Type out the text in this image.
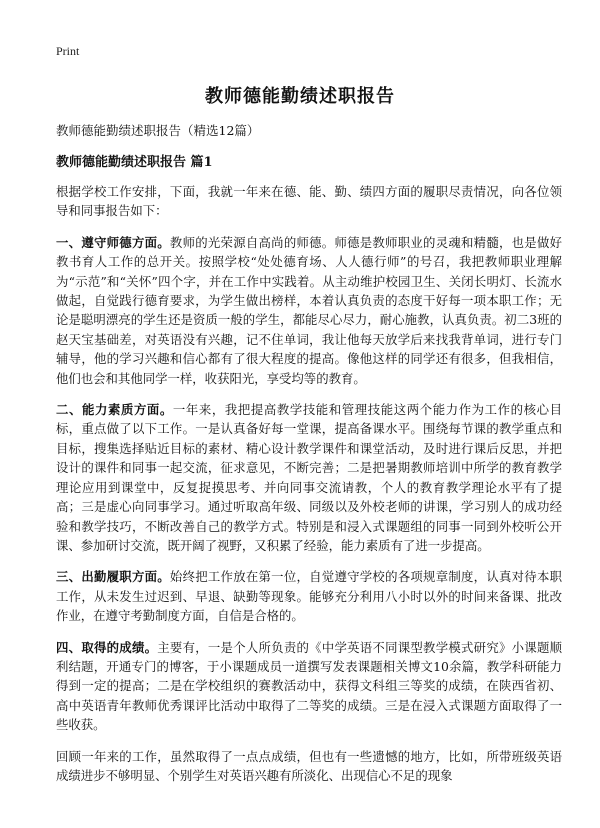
Print
教师德能勤绩述职报告
教师德能勤绩述职报告（精选12篇）
教师德能勤绩述职报告 篇1

根据学校工作安排，下面，我就一年来在德、能、勤、绩四方面的履职尽责情况，向各位领导和同事报告如下：

一、遵守师德方面。教师的光荣源自高尚的师德。师德是教师职业的灵魂和精髓，也是做好教书育人工作的总开关。按照学校“处处德育场、人人德行师”的号召，我把教师职业理解为“示范”和“关怀”四个字，并在工作中实践着。从主动维护校园卫生、关闭长明灯、长流水做起，自觉践行德育要求，为学生做出榜样，本着认真负责的态度干好每一项本职工作；无论是聪明漂亮的学生还是资质一般的学生，都能尽心尽力，耐心施教，认真负责。初二3班的赵天宝基础差，对英语没有兴趣，记不住单词，我让他每天放学后来找我背单词，进行专门辅导，他的学习兴趣和信心都有了很大程度的提高。像他这样的同学还有很多，但我相信，他们也会和其他同学一样，收获阳光，享受均等的教育。

二、能力素质方面。一年来，我把提高教学技能和管理技能这两个能力作为工作的核心目标，重点做了以下工作。一是认真备好每一堂课，提高备课水平。围绕每节课的教学重点和目标，搜集选择贴近目标的素材、精心设计教学课件和课堂活动，及时进行课后反思，并把设计的课件和同事一起交流，征求意见，不断完善；二是把暑期教师培训中所学的教育教学理论应用到课堂中，反复捉摸思考、并向同事交流请教，个人的教育教学理论水平有了提高；三是虚心向同事学习。通过听取高年级、同级以及外校老师的讲课，学习别人的成功经验和教学技巧，不断改善自己的教学方式。特别是和浸入式课题组的同事一同到外校听公开课、参加研讨交流，既开阔了视野，又积累了经验，能力素质有了进一步提高。

三、出勤履职方面。始终把工作放在第一位，自觉遵守学校的各项规章制度，认真对待本职工作，从未发生过迟到、早退、缺勤等现象。能够充分利用八小时以外的时间来备课、批改作业，在遵守考勤制度方面，自信是合格的。

四、取得的成绩。主要有，一是个人所负责的《中学英语不同课型教学模式研究》小课题顺利结题，开通专门的博客，于小课题成员一道撰写发表课题相关博文10余篇，教学科研能力得到一定的提高；二是在学校组织的赛教活动中，获得文科组三等奖的成绩，在陕西省初、高中英语青年教师优秀课评比活动中取得了二等奖的成绩。三是在浸入式课题方面取得了一些收获。

回顾一年来的工作，虽然取得了一点点成绩，但也有一些遗憾的地方，比如，所带班级英语成绩进步不够明显、个别学生对英语兴趣有所淡化、出现信心不足的现象
